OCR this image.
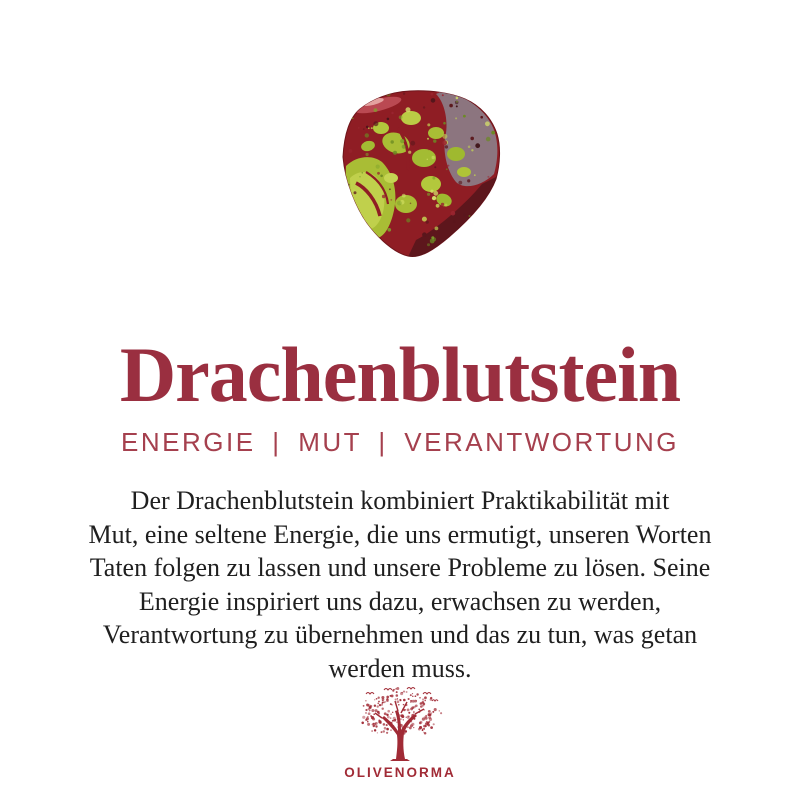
Drachenblutstein
ENERGIE | MUT | VERANTWORTUNG
Der Drachenblutstein kombiniert Praktikabilität mit
Mut, eine seltene Energie, die uns ermutigt, unseren Worten
Taten folgen zu lassen und unsere Probleme zu lösen. Seine
Energie inspiriert uns dazu, erwachsen zu werden,
Verantwortung zu übernehmen und das zu tun, was getan
werden muss.
OLIVENORMA
